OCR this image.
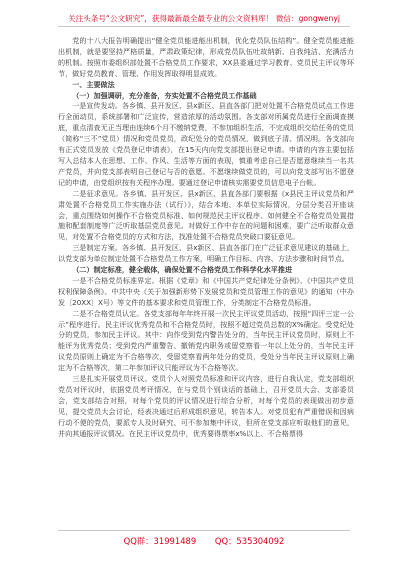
关注头条号“公文研究”，获得最新最全最专业的公文资料库！ 微信：gongwenyj

党的十八大报告明确提出“健全党员能进能出机制，优化党员队伍结构”。健全党员能进能出机制，就是要坚持严格质量，严肃政策纪律，形成党员队伍吐故纳新、自我纯洁、充满活力的机制。按照市委组织部处置不合格党员工作要求，XX县委通过学习教育、党员民主评议等环节，做好党员教育、管理、作用发挥取得明显成效。

一、主要做法

（一）加强调研，充分准备，夯实处置不合格党员工作基础

一是宣传发动。各乡镇、县开发区、县x新区、县直各部门把对处置不合格党员试点工作进行全面动员，系统部署和广泛宣传，营造浓厚的活动氛围。各支部对所属党员进行全面调查摸底，重点清查无正当理由连续6个月不缴纳党费，不参加组织生活，不完成组织交给任务的党员（简称“三不”党员）情况和党员党员，政纪处分的党员情况，做到底子清、情况明。各支部向有正式党员发放《党员登记申请表》，在15天内向党支部提出登记申请。申请的内容主要包括写入总结本人在思想、工作、作风、生活等方面的表现，慎重考虑自己是否愿意继续当一名共产党员，并向党支部表明自己登记与否的意愿。不愿继续做党员的，可以向党支部写出不愿登记的申请，由党组织按有关程序办理。要通过登记申请核实需要党员信息电子台帐。

二是征求意见。各乡镇、县开发区、县x新区、县直各部门要根据《x县民主评议党员和严肃处置不合格党员工作实施办法（试行）》，结合本地、本单位实际情况，分层分类召开座谈会，重点围绕如何操作不合格党员标准、如何规范民主评议程序、如何健全不合格党员处置措施和配套制度等广泛听取基层党员意见。对做好工作中存在的问题和困难，要广泛听取群众意见，对处置不合格党员的方式和方法，找准处置不合格党员突破口要征意见。

三是制定方案。各乡镇、县开发区、县x新区、县直各部门在广泛征求意见建议的基础上，以党支部为单位制定处置不合格党员工作方案，明确工作目标、内容、方法步骤和时间节点。

（二）制定标准，健全载体，确保处置不合格党员工作科学化水平推进

一是不合格党员标准界定。根据《党章》和《中国共产党纪律处分条例》、《中国共产党员权利保障条例》、中共中央《关于加强新形势下发展党员和党员管理工作的意见》的通知（中办发〔20XX〕X号）等文件的基本要求和党员管理工作，分类制定不合格党员标准。

二是不合格党员认定。各党支部每年年终开展一次民主评议党员活动，按照“四评三定一公示”程序进行。民主评议优秀党员和不合格党员时，按照不超过党员总数的X%确定。受党纪处分的党员，参加民主评议。其中：向作受到党内警告处分的，当年民主评议党员时，原则上不能评为优秀党员；受到党内严重警告、撤销党内职务或留党察看一年以上处分的，当年民主评议党员原则上确定为不合格等次，受留党察看两年处分的党员，受处分当年民主评议原则上确定为不合格等次，第二年参加评议只能评议为不合格等次。

三是扎实开展党员评议。党员个人对照党员标准和评议内容，进行自我认定，党支部组织党员对评议时，依据党员考评情况，在与党员个别谈话的基础上，召开党员大会、支部委员会，党支部结合对照，对每个党员的评议情况进行综合分析，对每个党员的表现做出初步意见，提交党员大会讨论，经表决通过后形成组织意见，转告本人。对党员犯有严重错误和因病行动不便的党员，要派专人及时研究、可不参加集中评议，但所在党支部应听取他们的意见，并向其通报评议情况。在民主评议党员中，优秀要得票率x%以上、不合格票得

QQ群：31991489 QQ：535304092
